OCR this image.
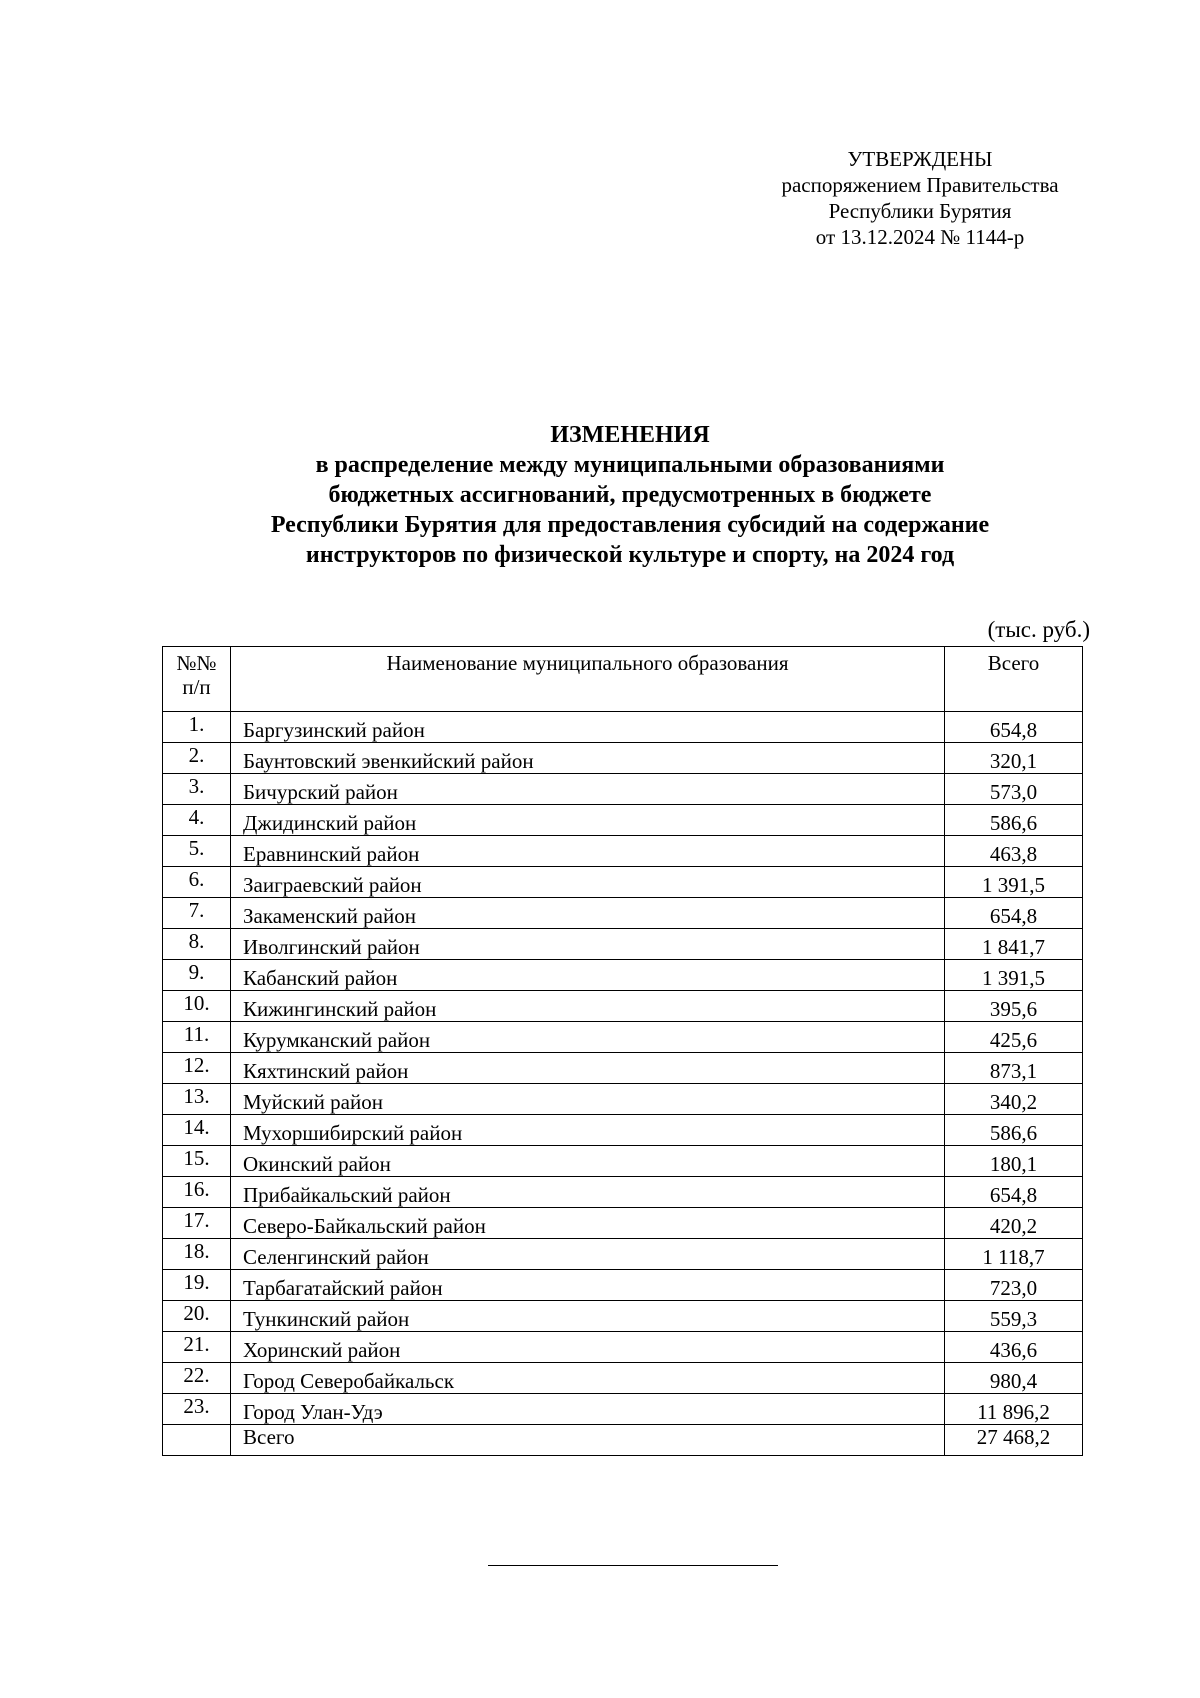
УТВЕРЖДЕНЫ
распоряжением Правительства
Республики Бурятия
от 13.12.2024 № 1144-р
ИЗМЕНЕНИЯ
в распределение между муниципальными образованиями
бюджетных ассигнований, предусмотренных в бюджете
Республики Бурятия для предоставления субсидий на содержание
инструкторов по физической культуре и спорту, на 2024 год
(тыс. руб.)
№№
п/п	Наименование муниципального образования	Всего
1.	Баргузинский район	654,8
2.	Баунтовский эвенкийский район	320,1
3.	Бичурский район	573,0
4.	Джидинский район	586,6
5.	Еравнинский район	463,8
6.	Заиграевский район	1 391,5
7.	Закаменский район	654,8
8.	Иволгинский район	1 841,7
9.	Кабанский район	1 391,5
10.	Кижингинский район	395,6
11.	Курумканский район	425,6
12.	Кяхтинский район	873,1
13.	Муйский район	340,2
14.	Мухоршибирский район	586,6
15.	Окинский район	180,1
16.	Прибайкальский район	654,8
17.	Северо-Байкальский район	420,2
18.	Селенгинский район	1 118,7
19.	Тарбагатайский район	723,0
20.	Тункинский район	559,3
21.	Хоринский район	436,6
22.	Город Северобайкальск	980,4
23.	Город Улан-Удэ	11 896,2
	Всего	27 468,2
